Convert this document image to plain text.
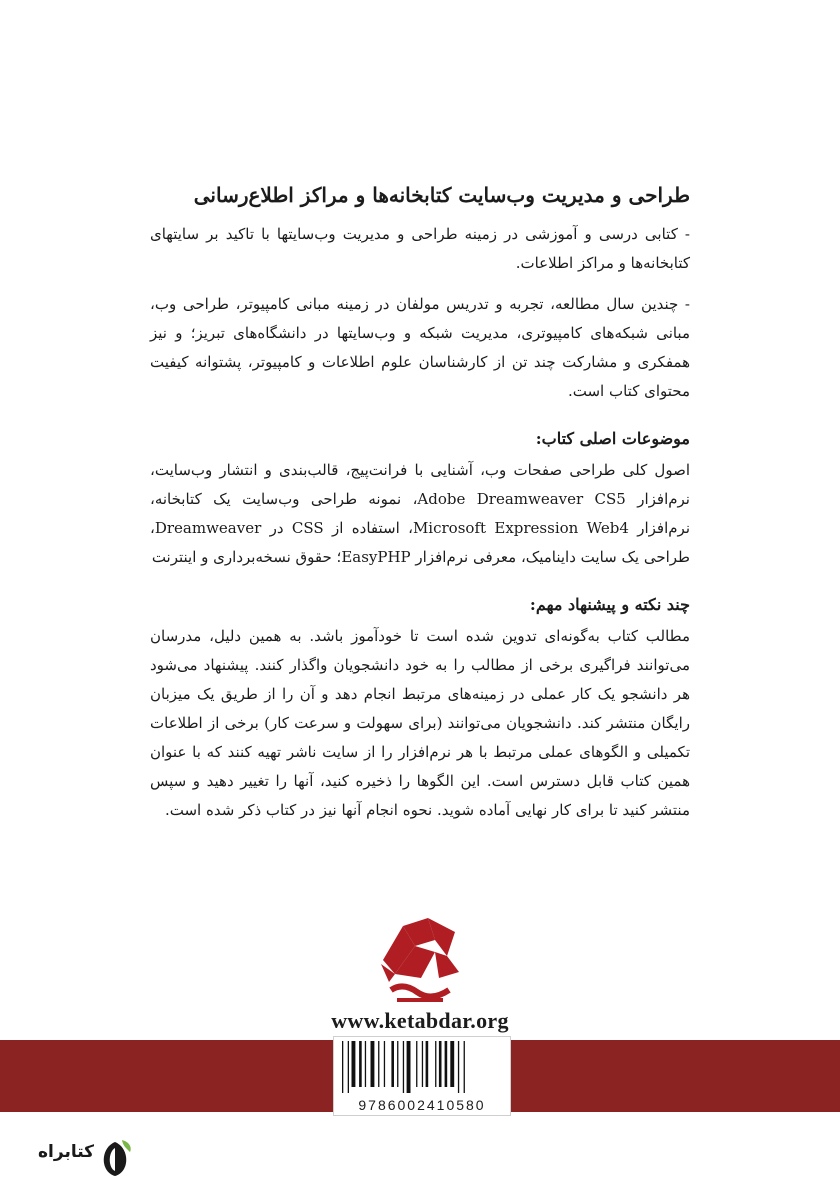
طراحی و مدیریت وب‌سایت کتابخانه‌ها و مراکز اطلاع‌رسانی

- کتابی درسی و آموزشی در زمینه طراحی و مدیریت وب‌سایتها با تاکید بر سایتهای کتابخانه‌ها و مراکز اطلاعات.

- چندین سال مطالعه، تجربه و تدریس مولفان در زمینه مبانی کامپیوتر، طراحی وب، مبانی شبکه‌های کامپیوتری، مدیریت شبکه و وب‌سایتها در دانشگاه‌های تبریز؛ و نیز همفکری و مشارکت چند تن از کارشناسان علوم اطلاعات و کامپیوتر، پشتوانه کیفیت محتوای کتاب است.

موضوعات اصلی کتاب:

اصول کلی طراحی صفحات وب، آشنایی با فرانت‌پیج، قالب‌بندی و انتشار وب‌سایت، نرم‌افزار Adobe Dreamweaver CS5، نمونه طراحی وب‌سایت یک کتابخانه، نرم‌افزار Microsoft Expression Web4، استفاده از CSS در Dreamweaver، طراحی یک سایت داینامیک، معرفی نرم‌افزار EasyPHP؛ حقوق نسخه‌برداری و اینترنت

چند نکته و پیشنهاد مهم:

مطالب کتاب به‌گونه‌ای تدوین شده است تا خودآموز باشد. به همین دلیل، مدرسان می‌توانند فراگیری برخی از مطالب را به خود دانشجویان واگذار کنند. پیشنهاد می‌شود هر دانشجو یک کار عملی در زمینه‌های مرتبط انجام دهد و آن را از طریق یک میزبان رایگان منتشر کند. دانشجویان می‌توانند (برای سهولت و سرعت کار) برخی از اطلاعات تکمیلی و الگوهای عملی مرتبط با هر نرم‌افزار را از سایت ناشر تهیه کنند که با عنوان همین کتاب قابل دسترس است. این الگوها را ذخیره کنید، آنها را تغییر دهید و سپس منتشر کنید تا برای کار نهایی آماده شوید. نحوه انجام آنها نیز در کتاب ذکر شده است.

www.ketabdar.org
9786002410580
کتابراه
